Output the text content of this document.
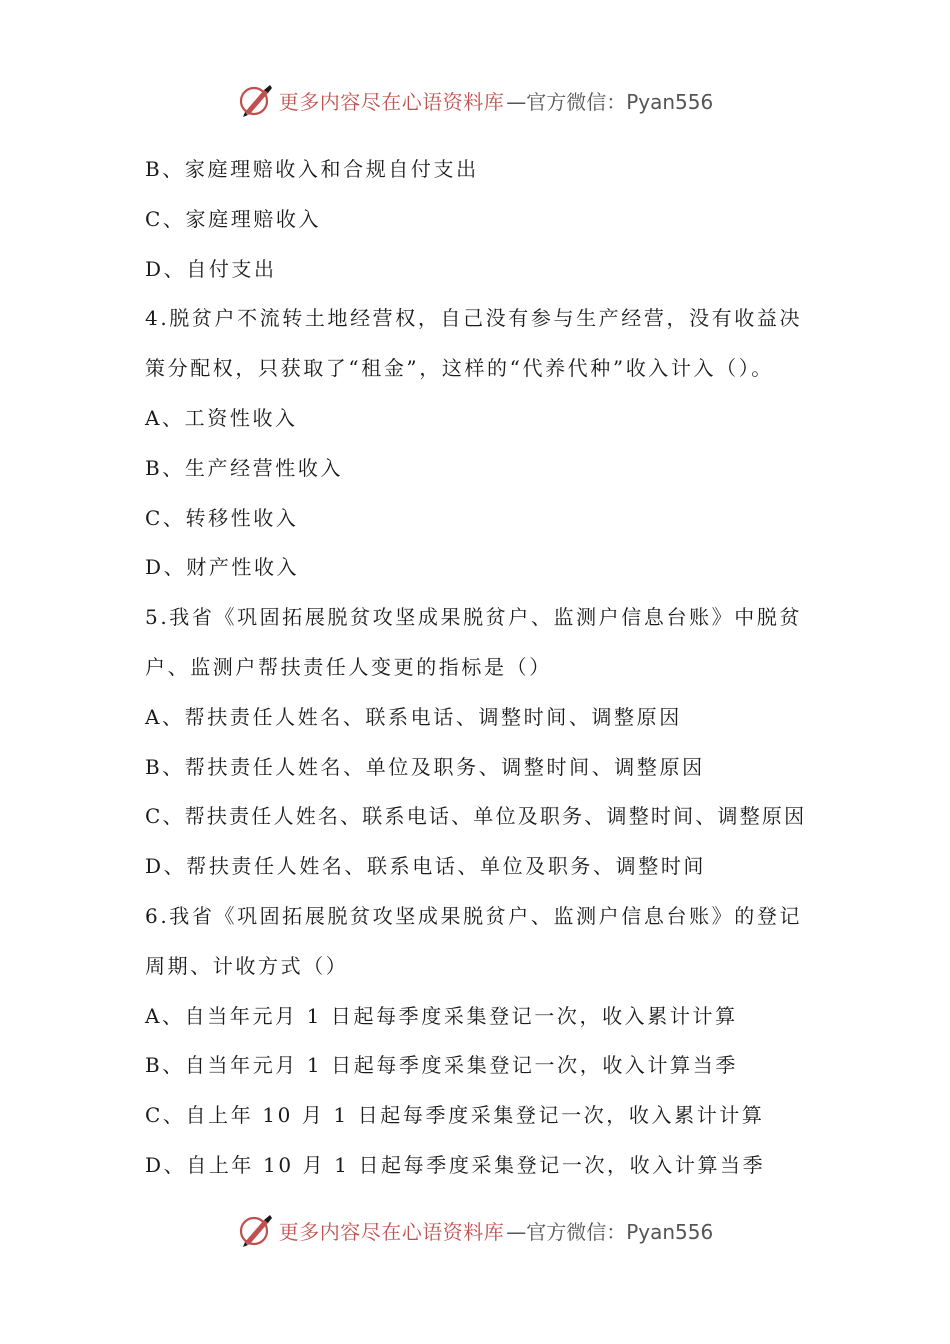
更多内容尽在心语资料库 —官方微信：Pyan556
B、家庭理赔收入和合规自付支出
C、家庭理赔收入
D、自付支出
4.脱贫户不流转土地经营权，自己没有参与生产经营，没有收益决
策分配权，只获取了“租金”，这样的“代养代种”收入计入（）。
A、工资性收入
B、生产经营性收入
C、转移性收入
D、财产性收入
5.我省《巩固拓展脱贫攻坚成果脱贫户、监测户信息台账》中脱贫
户、监测户帮扶责任人变更的指标是（）
A、帮扶责任人姓名、联系电话、调整时间、调整原因
B、帮扶责任人姓名、单位及职务、调整时间、调整原因
C、帮扶责任人姓名、联系电话、单位及职务、调整时间、调整原因
D、帮扶责任人姓名、联系电话、单位及职务、调整时间
6.我省《巩固拓展脱贫攻坚成果脱贫户、监测户信息台账》的登记
周期、计收方式（）
A、自当年元月 1 日起每季度采集登记一次，收入累计计算
B、自当年元月 1 日起每季度采集登记一次，收入计算当季
C、自上年 10 月 1 日起每季度采集登记一次，收入累计计算
D、自上年 10 月 1 日起每季度采集登记一次，收入计算当季
更多内容尽在心语资料库 —官方微信：Pyan556
